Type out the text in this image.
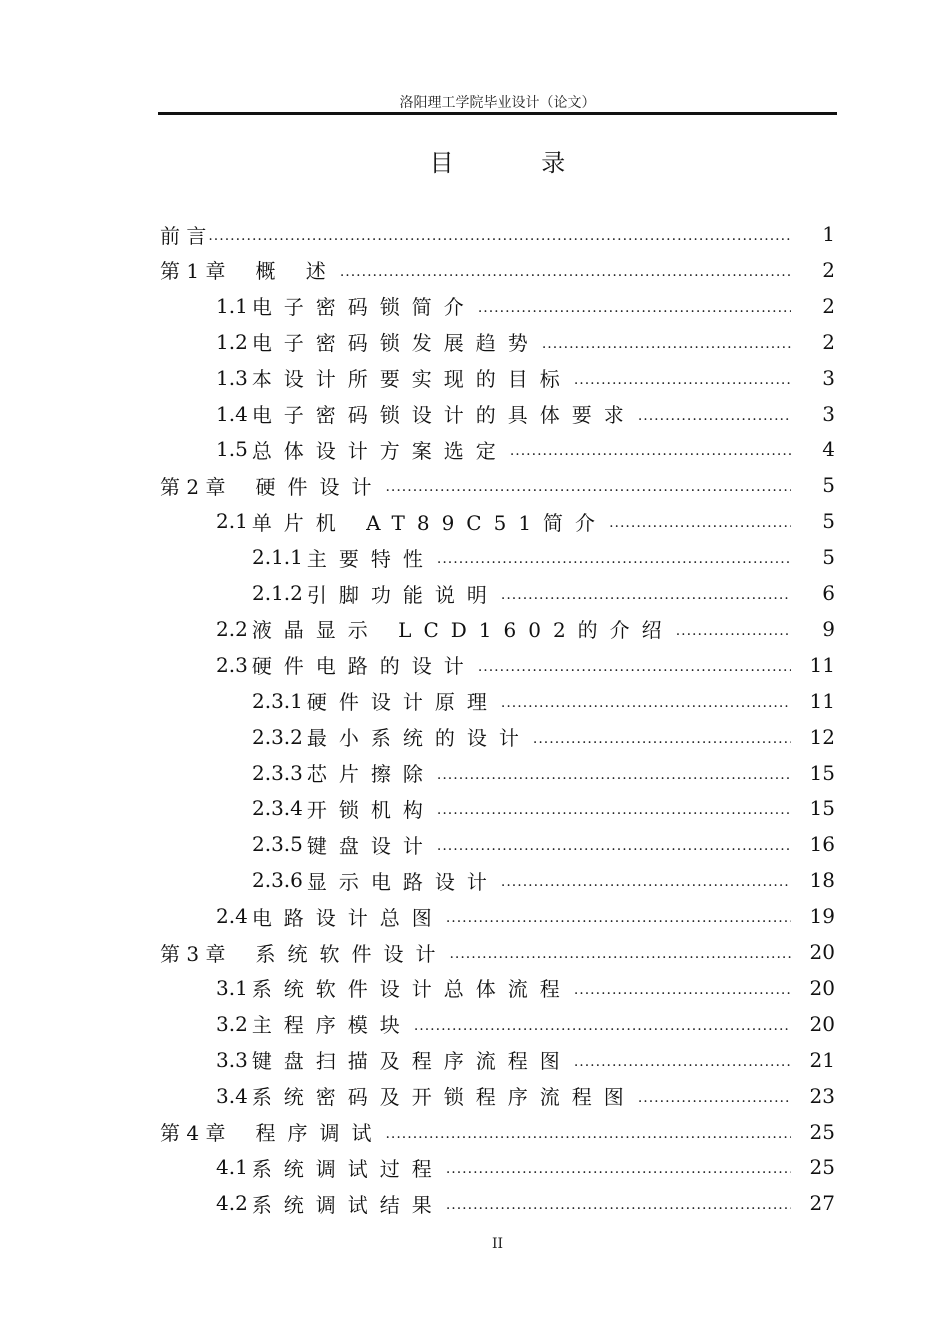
洛阳理工学院毕业设计（论文）
目 录
前 言 .....	1
第 1 章 概 述 .....	2
1.1 电子密码锁简介 .....	2
1.2 电子密码锁发展趋势 .....	2
1.3 本设计所要实现的目标 .....	3
1.4 电子密码锁设计的具体要求 .....	3
1.5 总体设计方案选定 .....	4
第 2 章 硬件设计 .....	5
2.1 单片机 AT89C51简介 .....	5
2.1.1 主要特性 .....	5
2.1.2 引脚功能说明 .....	6
2.2 液晶显示 LCD1602的介绍 .....	9
2.3 硬件电路的设计 .....	11
2.3.1 硬件设计原理 .....	11
2.3.2 最小系统的设计 .....	12
2.3.3 芯片擦除 .....	15
2.3.4 开锁机构 .....	15
2.3.5 键盘设计 .....	16
2.3.6 显示电路设计 .....	18
2.4 电路设计总图 .....	19
第 3 章 系统软件设计 .....	20
3.1 系统软件设计总体流程 .....	20
3.2 主程序模块 .....	20
3.3 键盘扫描及程序流程图 .....	21
3.4 系统密码及开锁程序流程图 .....	23
第 4 章 程序调试 .....	25
4.1 系统调试过程 .....	25
4.2 系统调试结果 .....	27
II
